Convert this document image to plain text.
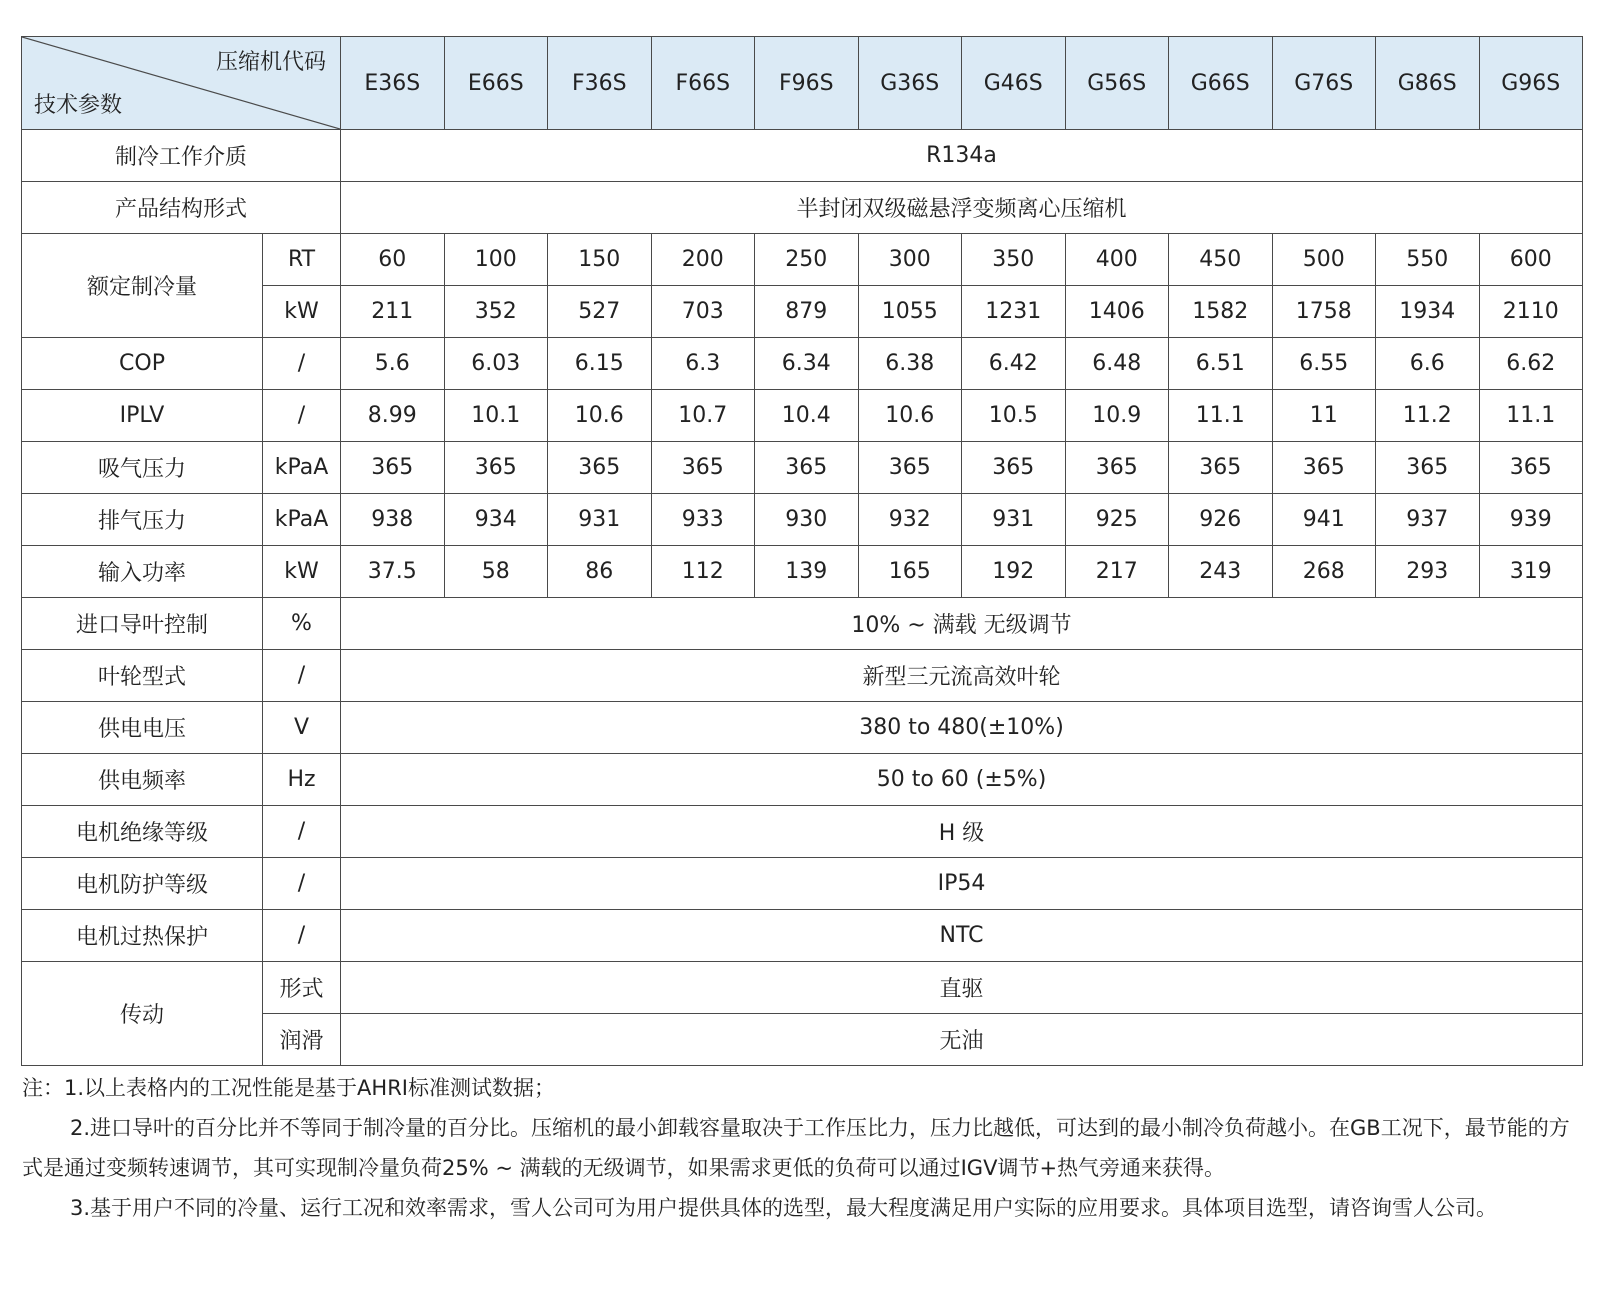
压缩机代码
技术参数		E36S	E66S	F36S	F66S	F96S	G36S	G46S	G56S	G66S	G76S	G86S	G96S
制冷工作介质		R134a											
产品结构形式		半封闭双级磁悬浮变频离心压缩机											
额定制冷量	RT	60	100	150	200	250	300	350	400	450	500	550	600
	kW	211	352	527	703	879	1055	1231	1406	1582	1758	1934	2110
COP	/	5.6	6.03	6.15	6.3	6.34	6.38	6.42	6.48	6.51	6.55	6.6	6.62
IPLV	/	8.99	10.1	10.6	10.7	10.4	10.6	10.5	10.9	11.1	11	11.2	11.1
吸气压力	kPaA	365	365	365	365	365	365	365	365	365	365	365	365
排气压力	kPaA	938	934	931	933	930	932	931	925	926	941	937	939
输入功率	kW	37.5	58	86	112	139	165	192	217	243	268	293	319
进口导叶控制	%	10% ~ 满载 无级调节											
叶轮型式	/	新型三元流高效叶轮											
供电电压	V	380 to 480(±10%)											
供电频率	Hz	50 to 60 (±5%)											
电机绝缘等级	/	H 级											
电机防护等级	/	IP54											
电机过热保护	/	NTC											
传动	形式	直驱											
	润滑	无油											

注：1.以上表格内的工况性能是基于AHRI标准测试数据；

2.进口导叶的百分比并不等同于制冷量的百分比。压缩机的最小卸载容量取决于工作压比力，压力比越低，可达到的最小制冷负荷越小。在GB工况下，最节能的方式是通过变频转速调节，其可实现制冷量负荷25% ~ 满载的无级调节，如果需求更低的负荷可以通过IGV调节+热气旁通来获得。

3.基于用户不同的冷量、运行工况和效率需求，雪人公司可为用户提供具体的选型，最大程度满足用户实际的应用要求。具体项目选型，请咨询雪人公司。
